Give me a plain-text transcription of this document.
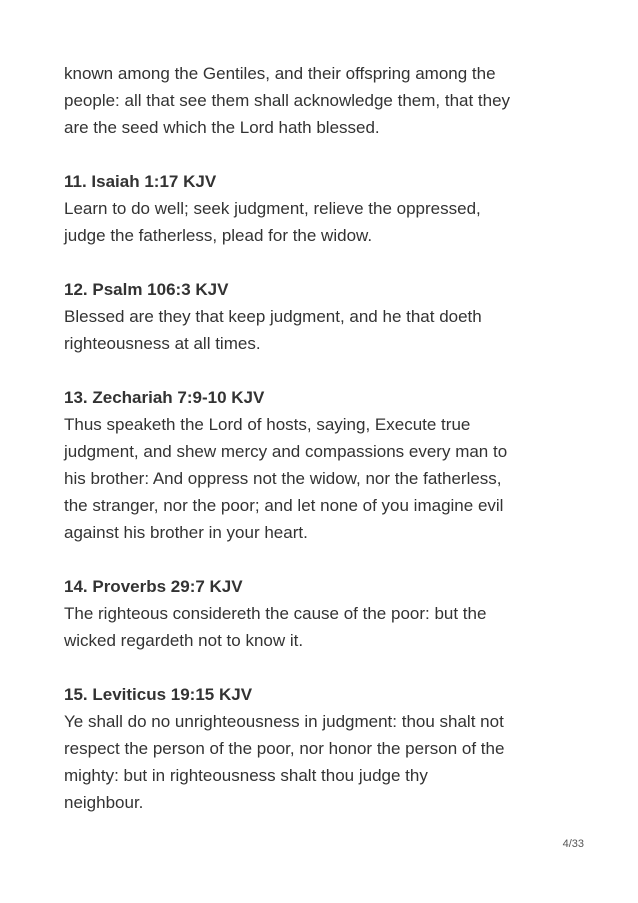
known among the Gentiles, and their offspring among the
people: all that see them shall acknowledge them, that they
are the seed which the Lord hath blessed.
11. Isaiah 1:17 KJV
Learn to do well; seek judgment, relieve the oppressed,
judge the fatherless, plead for the widow.
12. Psalm 106:3 KJV
Blessed are they that keep judgment, and he that doeth
righteousness at all times.
13. Zechariah 7:9-10 KJV
Thus speaketh the Lord of hosts, saying, Execute true
judgment, and shew mercy and compassions every man to
his brother: And oppress not the widow, nor the fatherless,
the stranger, nor the poor; and let none of you imagine evil
against his brother in your heart.
14. Proverbs 29:7 KJV
The righteous considereth the cause of the poor: but the
wicked regardeth not to know it.
15. Leviticus 19:15 KJV
Ye shall do no unrighteousness in judgment: thou shalt not
respect the person of the poor, nor honor the person of the
mighty: but in righteousness shalt thou judge thy
neighbour.
4/33
